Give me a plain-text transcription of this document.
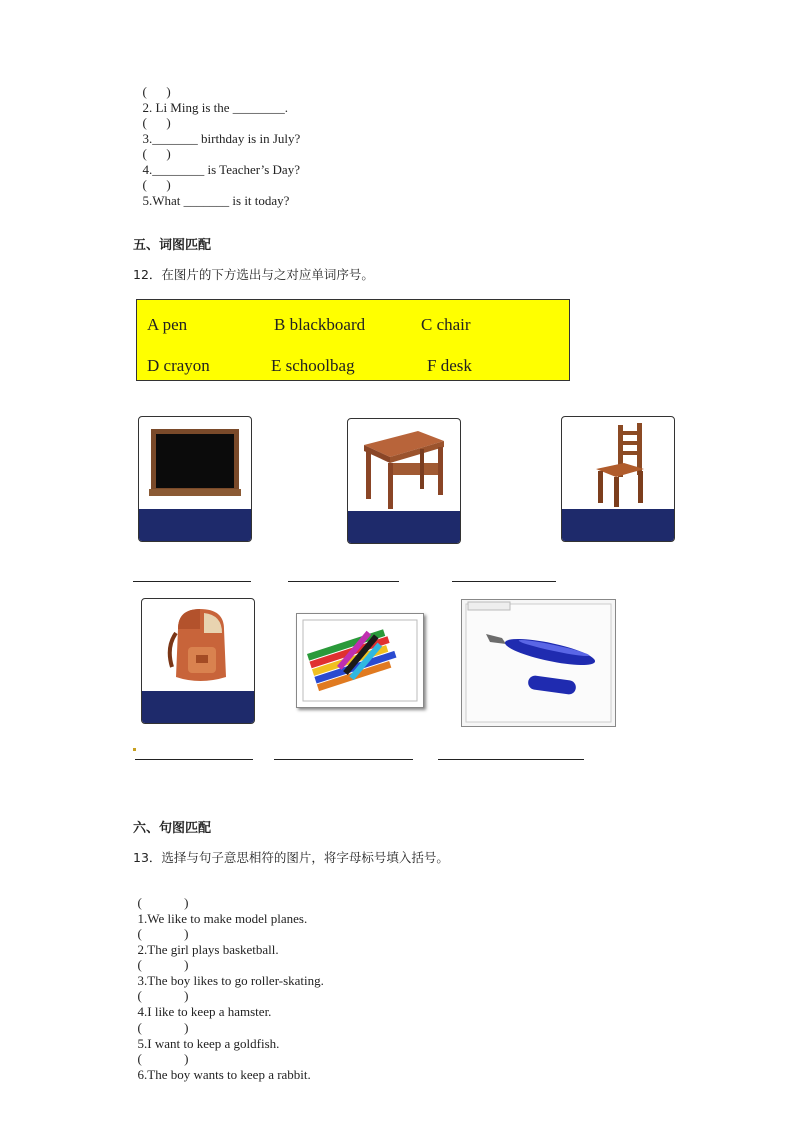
(      )
2. Li Ming is the ________.

(      )
3._______ birthday is in July?

(      )
4.________ is Teacher’s Day?

(      )
5.What _______ is it today?

五、词图匹配
12．在图片的下方选出与之对应单词序号。
A pen	B blackboard	C chair
D crayon	E schoolbag	F desk
六、句图匹配
13．选择与句子意思相符的图片，将字母标号填入括号。

(             )
1.We like to make model planes.

(             )
2.The girl plays basketball.

(             )
3.The boy likes to go roller-skating.

(             )
4.I like to keep a hamster.

(             )
5.I want to keep a goldfish.

(             )
6.The boy wants to keep a rabbit.
